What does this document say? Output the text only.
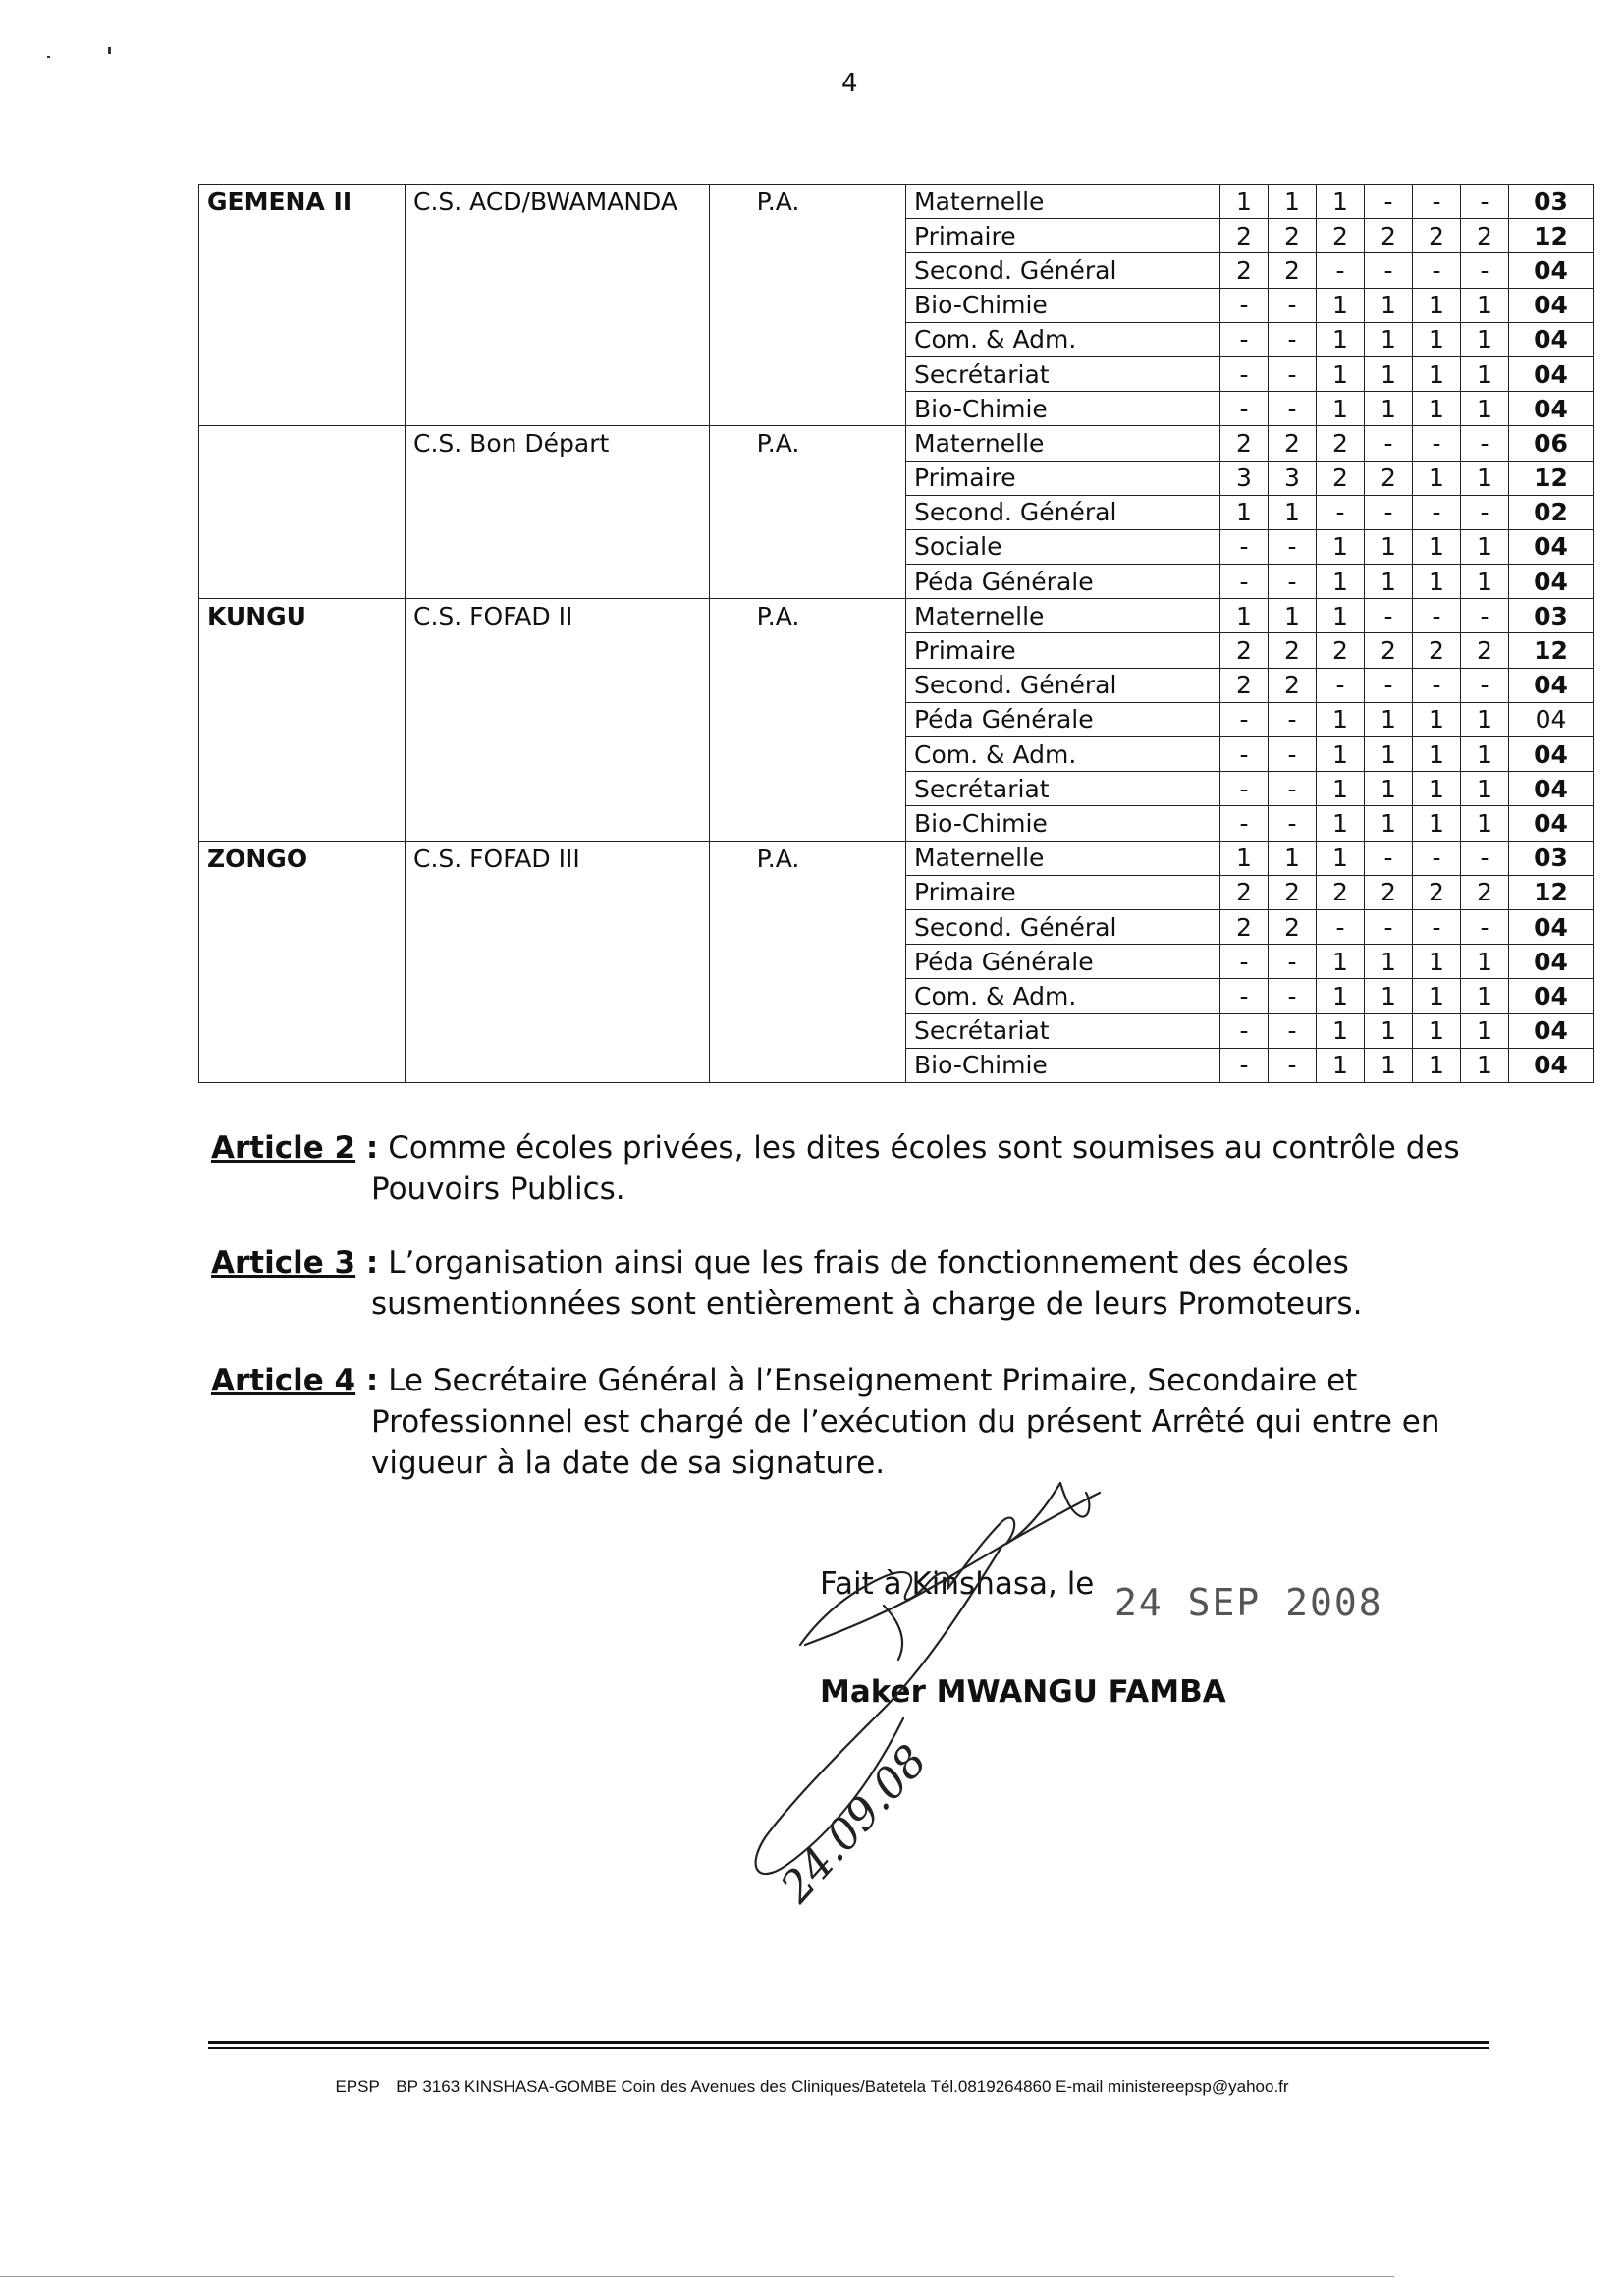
4
GEMENA II	C.S. ACD/BWAMANDA	P.A.	Maternelle	1	1	1	-	-	-	03
			Primaire	2	2	2	2	2	2	12
			Second. Général	2	2	-	-	-	-	04
			Bio-Chimie	-	-	1	1	1	1	04
			Com. & Adm.	-	-	1	1	1	1	04
			Secrétariat	-	-	1	1	1	1	04
			Bio-Chimie	-	-	1	1	1	1	04
	C.S. Bon Départ	P.A.	Maternelle	2	2	2	-	-	-	06
			Primaire	3	3	2	2	1	1	12
			Second. Général	1	1	-	-	-	-	02
			Sociale	-	-	1	1	1	1	04
			Péda Générale	-	-	1	1	1	1	04
KUNGU	C.S. FOFAD II	P.A.	Maternelle	1	1	1	-	-	-	03
			Primaire	2	2	2	2	2	2	12
			Second. Général	2	2	-	-	-	-	04
			Péda Générale	-	-	1	1	1	1	04
			Com. & Adm.	-	-	1	1	1	1	04
			Secrétariat	-	-	1	1	1	1	04
			Bio-Chimie	-	-	1	1	1	1	04
ZONGO	C.S. FOFAD III	P.A.	Maternelle	1	1	1	-	-	-	03
			Primaire	2	2	2	2	2	2	12
			Second. Général	2	2	-	-	-	-	04
			Péda Générale	-	-	1	1	1	1	04
			Com. & Adm.	-	-	1	1	1	1	04
			Secrétariat	-	-	1	1	1	1	04
			Bio-Chimie	-	-	1	1	1	1	04
Article 2 : Comme écoles privées, les dites écoles sont soumises au contrôle des
Pouvoirs Publics.
Article 3 : L’organisation ainsi que les frais de fonctionnement des écoles
susmentionnées sont entièrement à charge de leurs Promoteurs.
Article 4 : Le Secrétaire Général à l’Enseignement Primaire, Secondaire et
Professionnel est chargé de l’exécution du présent Arrêté qui entre en
vigueur à la date de sa signature.
Fait à Kinshasa, le 24 SEP 2008
Maker MWANGU FAMBA
24.09.08
EPSP BP 3163 KINSHASA-GOMBE Coin des Avenues des Cliniques/Batetela Tél.0819264860 E-mail ministereepsp@yahoo.fr
